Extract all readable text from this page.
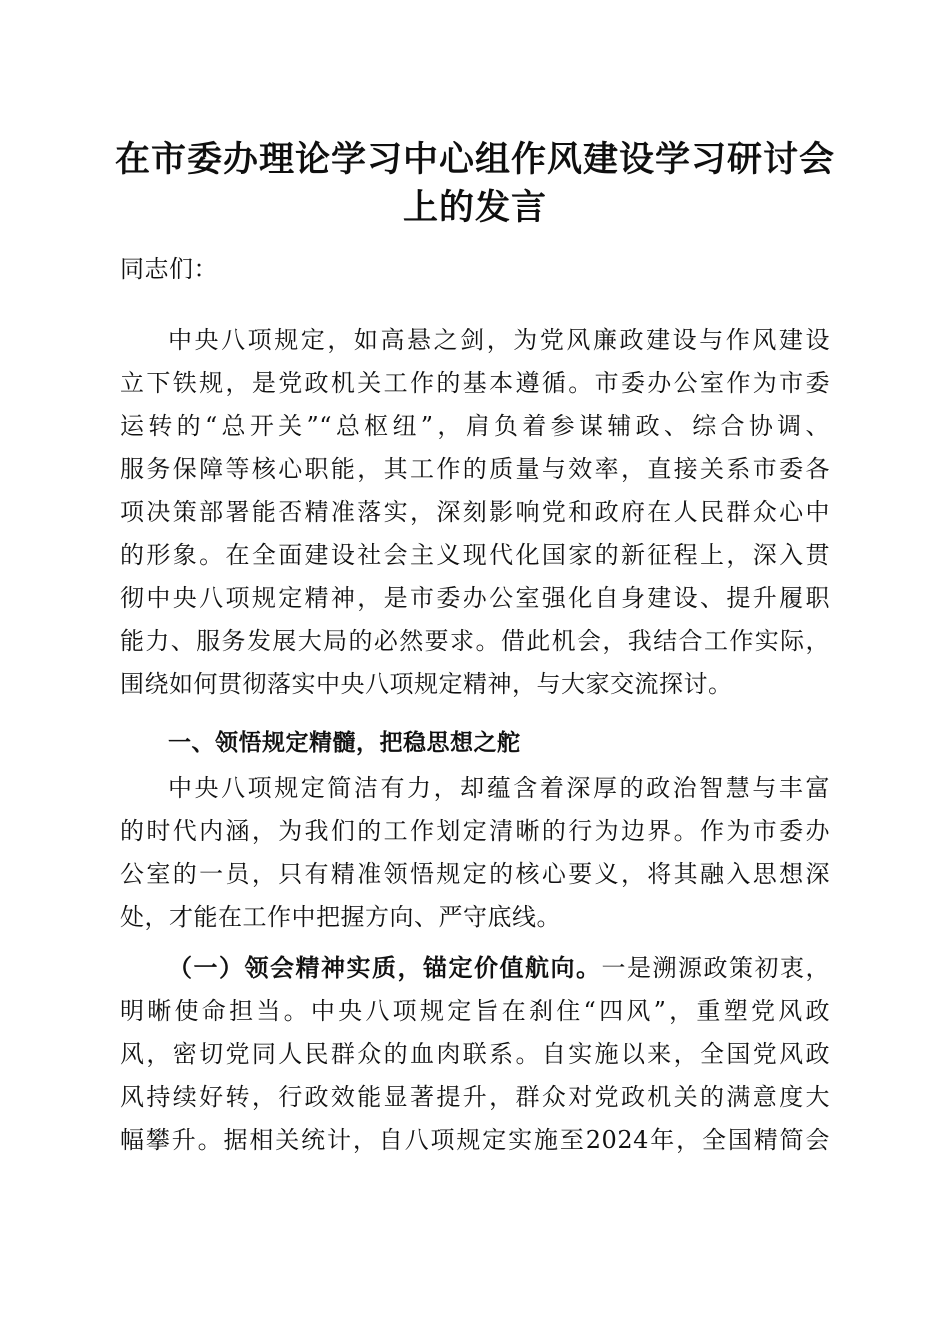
在市委办理论学习中心组作风建设学习研讨会
上的发言
同志们：
中央八项规定，如高悬之剑，为党风廉政建设与作风建设
立下铁规，是党政机关工作的基本遵循。市委办公室作为市委
运转的“总开关”“总枢纽”，肩负着参谋辅政、综合协调、
服务保障等核心职能，其工作的质量与效率，直接关系市委各
项决策部署能否精准落实，深刻影响党和政府在人民群众心中
的形象。在全面建设社会主义现代化国家的新征程上，深入贯
彻中央八项规定精神，是市委办公室强化自身建设、提升履职
能力、服务发展大局的必然要求。借此机会，我结合工作实际，
围绕如何贯彻落实中央八项规定精神，与大家交流探讨。
一、领悟规定精髓，把稳思想之舵
中央八项规定简洁有力，却蕴含着深厚的政治智慧与丰富
的时代内涵，为我们的工作划定清晰的行为边界。作为市委办
公室的一员，只有精准领悟规定的核心要义，将其融入思想深
处，才能在工作中把握方向、严守底线。
（一）领会精神实质，锚定价值航向。一是溯源政策初衷，
明晰使命担当。中央八项规定旨在刹住“四风”，重塑党风政
风，密切党同人民群众的血肉联系。自实施以来，全国党风政
风持续好转，行政效能显著提升，群众对党政机关的满意度大
幅攀升。据相关统计，自八项规定实施至2024年，全国精简会
